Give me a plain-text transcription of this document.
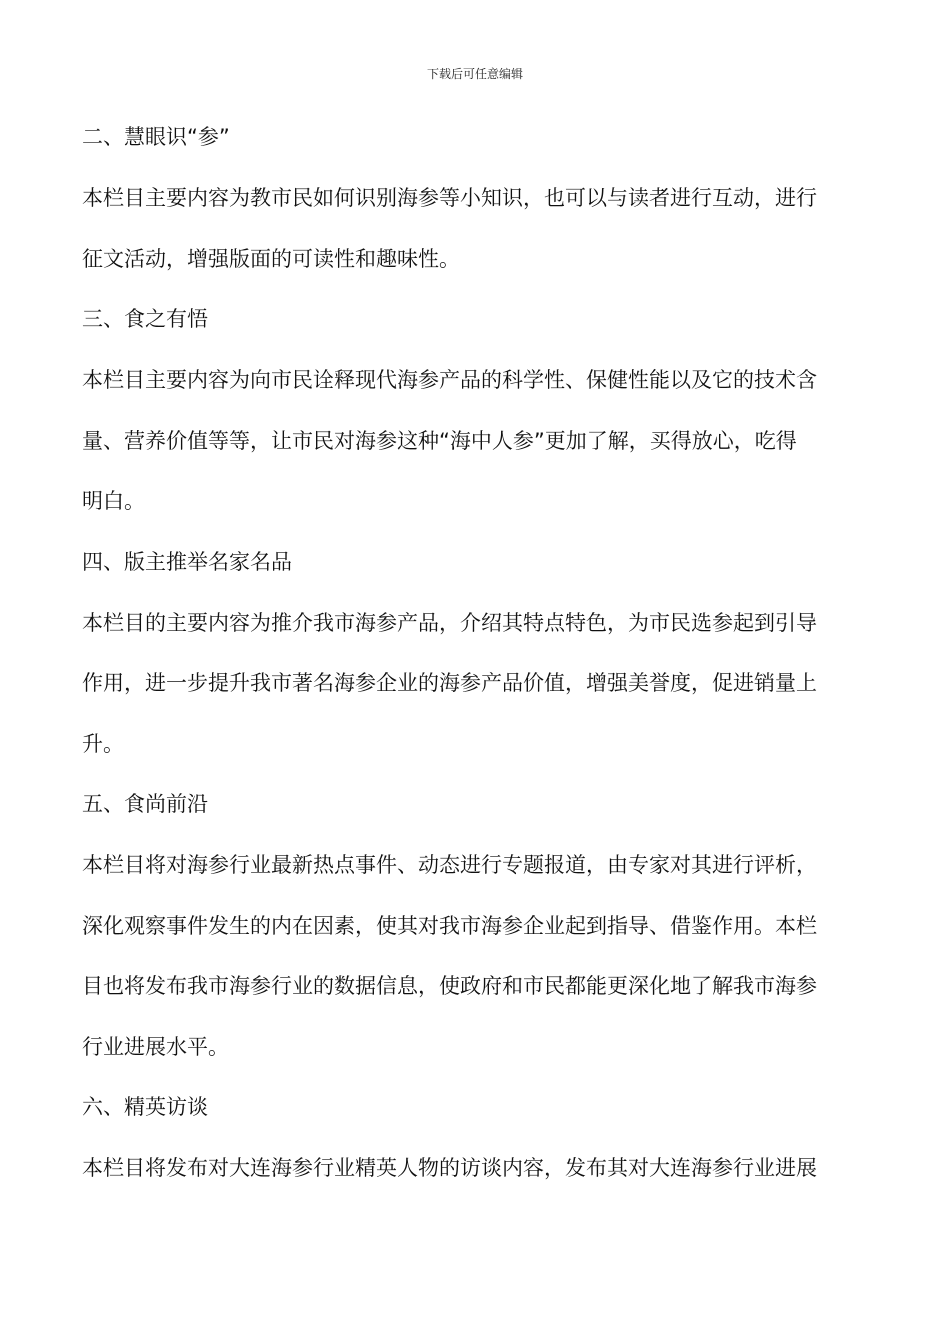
下载后可任意编辑
二、慧眼识“参”

本栏目主要内容为教市民如何识别海参等小知识，也可以与读者进行互动，进行
征文活动，增强版面的可读性和趣味性。

三、食之有悟

本栏目主要内容为向市民诠释现代海参产品的科学性、保健性能以及它的技术含
量、营养价值等等，让市民对海参这种“海中人参”更加了解，买得放心，吃得
明白。

四、版主推举名家名品

本栏目的主要内容为推介我市海参产品，介绍其特点特色，为市民选参起到引导
作用，进一步提升我市著名海参企业的海参产品价值，增强美誉度，促进销量上
升。

五、食尚前沿

本栏目将对海参行业最新热点事件、动态进行专题报道，由专家对其进行评析，
深化观察事件发生的内在因素，使其对我市海参企业起到指导、借鉴作用。本栏
目也将发布我市海参行业的数据信息，使政府和市民都能更深化地了解我市海参
行业进展水平。

六、精英访谈

本栏目将发布对大连海参行业精英人物的访谈内容，发布其对大连海参行业进展
